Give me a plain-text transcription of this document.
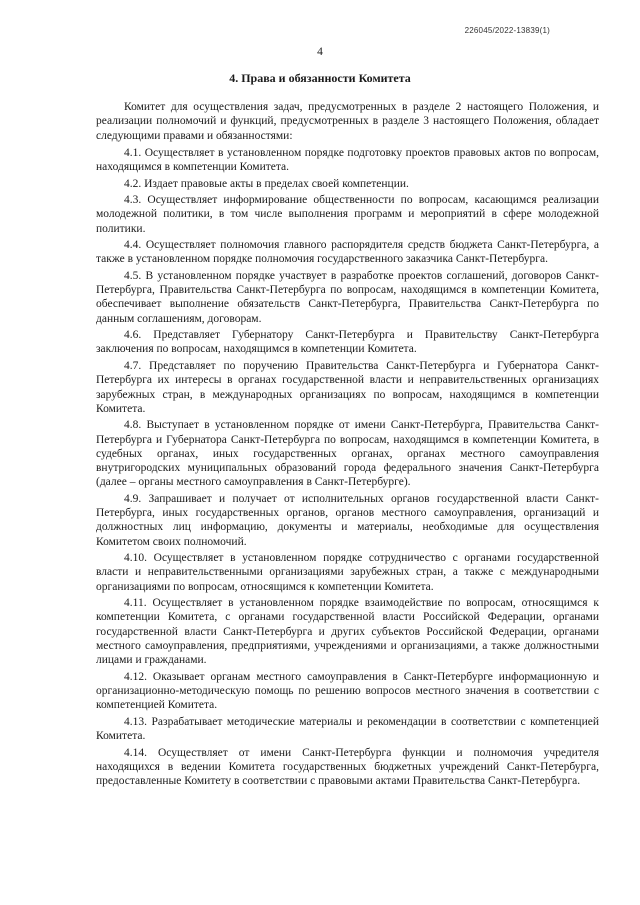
226045/2022-13839(1)
4
4. Права и обязанности Комитета

Комитет для осуществления задач, предусмотренных в разделе 2 настоящего Положения, и реализации полномочий и функций, предусмотренных в разделе 3 настоящего Положения, обладает следующими правами и обязанностями:

4.1. Осуществляет в установленном порядке подготовку проектов правовых актов по вопросам, находящимся в компетенции Комитета.

4.2. Издает правовые акты в пределах своей компетенции.

4.3. Осуществляет информирование общественности по вопросам, касающимся реализации молодежной политики, в том числе выполнения программ и мероприятий в сфере молодежной политики.

4.4. Осуществляет полномочия главного распорядителя средств бюджета Санкт-Петербурга, а также в установленном порядке полномочия государственного заказчика Санкт-Петербурга.

4.5. В установленном порядке участвует в разработке проектов соглашений, договоров Санкт-Петербурга, Правительства Санкт-Петербурга по вопросам, находящимся в компетенции Комитета, обеспечивает выполнение обязательств Санкт-Петербурга, Правительства Санкт-Петербурга по данным соглашениям, договорам.

4.6. Представляет Губернатору Санкт-Петербурга и Правительству Санкт-Петербурга заключения по вопросам, находящимся в компетенции Комитета.

4.7. Представляет по поручению Правительства Санкт-Петербурга и Губернатора Санкт-Петербурга их интересы в органах государственной власти и неправительственных организациях зарубежных стран, в международных организациях по вопросам, находящимся в компетенции Комитета.

4.8. Выступает в установленном порядке от имени Санкт-Петербурга, Правительства Санкт-Петербурга и Губернатора Санкт-Петербурга по вопросам, находящимся в компетенции Комитета, в судебных органах, иных государственных органах, органах местного самоуправления внутригородских муниципальных образований города федерального значения Санкт-Петербурга (далее – органы местного самоуправления в Санкт-Петербурге).

4.9. Запрашивает и получает от исполнительных органов государственной власти Санкт-Петербурга, иных государственных органов, органов местного самоуправления, организаций и должностных лиц информацию, документы и материалы, необходимые для осуществления Комитетом своих полномочий.

4.10. Осуществляет в установленном порядке сотрудничество с органами государственной власти и неправительственными организациями зарубежных стран, а также с международными организациями по вопросам, относящимся к компетенции Комитета.

4.11. Осуществляет в установленном порядке взаимодействие по вопросам, относящимся к компетенции Комитета, с органами государственной власти Российской Федерации, органами государственной власти Санкт-Петербурга и других субъектов Российской Федерации, органами местного самоуправления, предприятиями, учреждениями и организациями, а также должностными лицами и гражданами.

4.12. Оказывает органам местного самоуправления в Санкт-Петербурге информационную и организационно-методическую помощь по решению вопросов местного значения в соответствии с компетенцией Комитета.

4.13. Разрабатывает методические материалы и рекомендации в соответствии с компетенцией Комитета.

4.14. Осуществляет от имени Санкт-Петербурга функции и полномочия учредителя находящихся в ведении Комитета государственных бюджетных учреждений Санкт-Петербурга, предоставленные Комитету в соответствии с правовыми актами Правительства Санкт-Петербурга.
